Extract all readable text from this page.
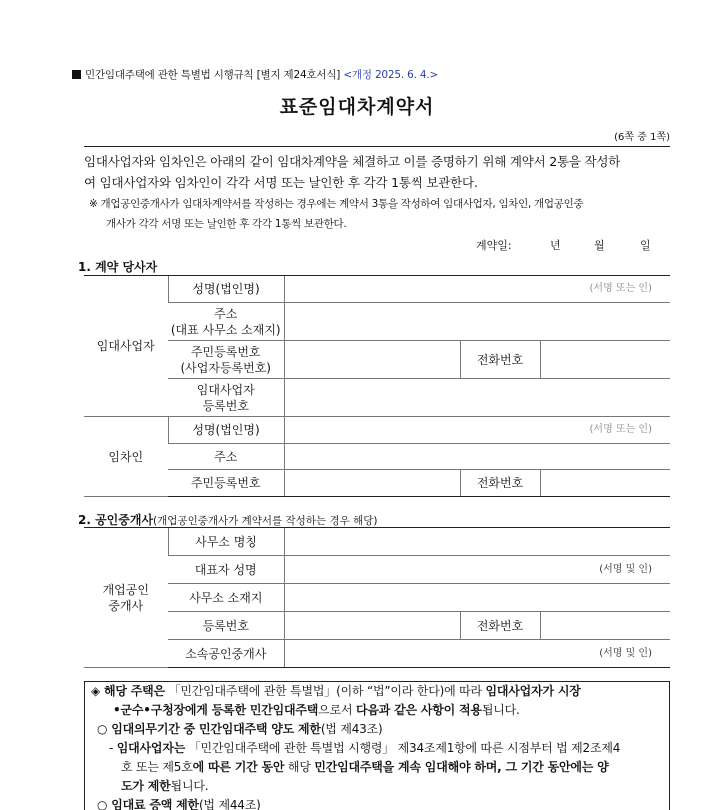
민간임대주택에 관한 특별법 시행규칙 [별지 제24호서식] <개정 2025. 6. 4.>
표준임대차계약서
(6쪽 중 1쪽)
임대사업자와 임차인은 아래의 같이 임대차계약을 체결하고 이를 증명하기 위해 계약서 2통을 작성하
여 임대사업자와 임차인이 각각 서명 또는 날인한 후 각각 1통씩 보관한다.
※ 개업공인중개사가 임대차계약서를 작성하는 경우에는 계약서 3통을 작성하여 임대사업자, 임차인, 개업공인중
개사가 각각 서명 또는 날인한 후 각각 1통씩 보관한다.
계약일:	년	월	일
1. 계약 당사자
임대사업자	성명(법인명)	(서명 또는 인)		

	주소
(대표 사무소 소재지)			

	주민등록번호
(사업자등록번호)		전화번호	

	임대사업자
등록번호			

임차인	성명(법인명)	(서명 또는 인)		
	주소			
	주민등록번호		전화번호	
2. 공인중개사(개업공인중개사가 계약서를 작성하는 경우 해당)
개업공인
중개사	사무소 명칭			
	대표자 성명	(서명 및 인)		
	사무소 소재지			
	등록번호		전화번호	
	소속공인중개사	(서명 및 인)		

◈ 해당 주택은 「민간임대주택에 관한 특별법」(이하 “법”이라 한다)에 따라 임대사업자가 시장

•군수•구청장에게 등록한 민간임대주택으로서 다음과 같은 사항이 적용됩니다.

○ 임대의무기간 중 민간임대주택 양도 제한(법 제43조)

- 임대사업자는 「민간임대주택에 관한 특별법 시행령」 제34조제1항에 따른 시점부터 법 제2조제4

호 또는 제5호에 따른 기간 동안 해당 민간임대주택을 계속 임대해야 하며, 그 기간 동안에는 양

도가 제한됩니다.

○ 임대료 증액 제한(법 제44조)
